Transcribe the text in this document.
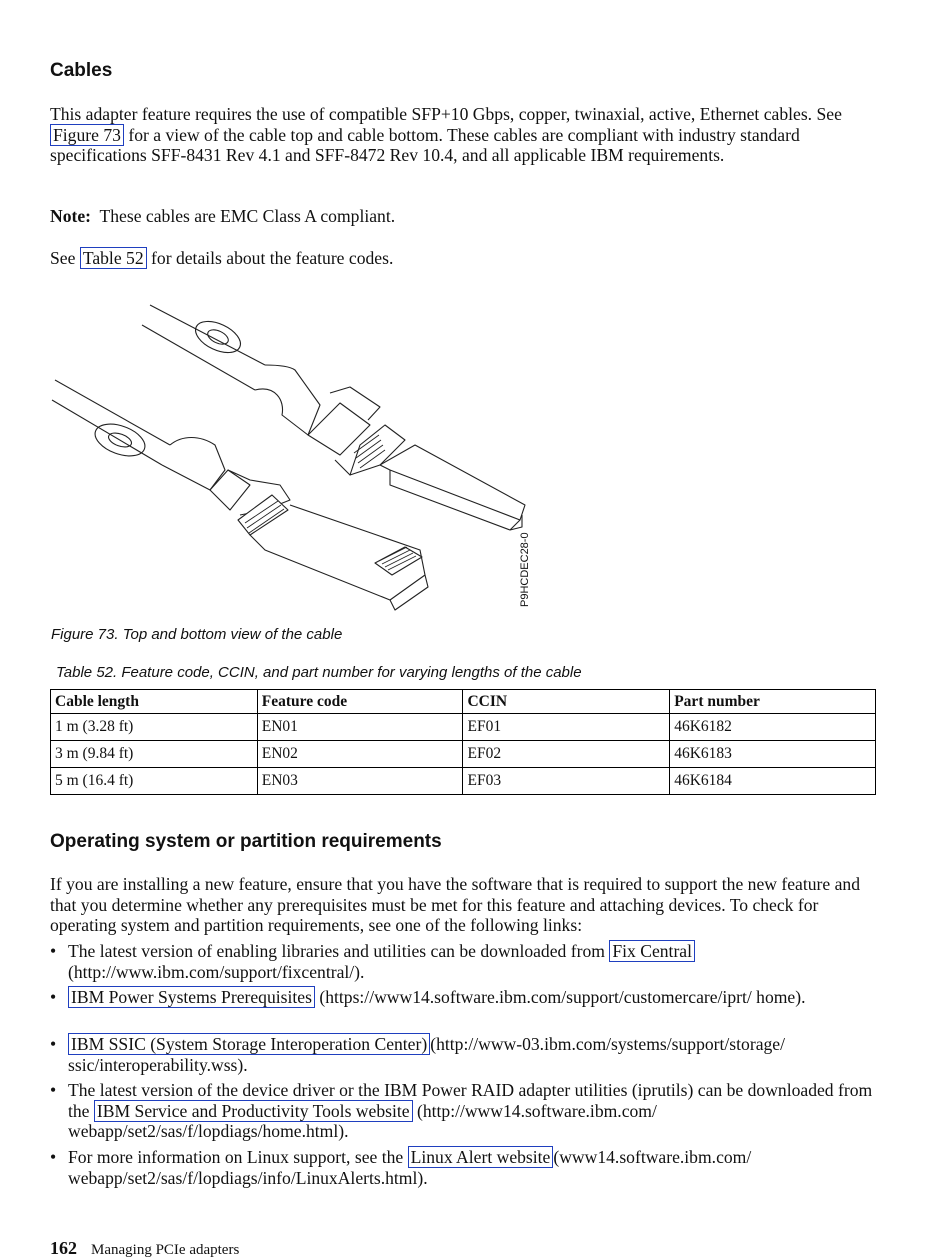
Cables
This adapter feature requires the use of compatible SFP+10 Gbps, copper, twinaxial, active, Ethernet cables. See Figure 73 for a view of the cable top and cable bottom. These cables are compliant with industry standard specifications SFF-8431 Rev 4.1 and SFF-8472 Rev 10.4, and all applicable IBM requirements.
Note:  These cables are EMC Class A compliant.
See Table 52 for details about the feature codes.
P9HCDEC28-0
Figure 73. Top and bottom view of the cable
Table 52. Feature code, CCIN, and part number for varying lengths of the cable
Cable length	Feature code	CCIN	Part number
1 m (3.28 ft)	EN01	EF01	46K6182
3 m (9.84 ft)	EN02	EF02	46K6183
5 m (16.4 ft)	EN03	EF03	46K6184
Operating system or partition requirements
If you are installing a new feature, ensure that you have the software that is required to support the new feature and that you determine whether any prerequisites must be met for this feature and attaching devices. To check for operating system and partition requirements, see one of the following links:
• The latest version of enabling libraries and utilities can be downloaded from Fix Central (http://www.ibm.com/support/fixcentral/).
• IBM Power Systems Prerequisites (https://www14.software.ibm.com/support/customercare/iprt/ home).
• IBM SSIC (System Storage Interoperation Center) (http://www-03.ibm.com/systems/support/storage/ ssic/interoperability.wss).
• The latest version of the device driver or the IBM Power RAID adapter utilities (iprutils) can be downloaded from the IBM Service and Productivity Tools website (http://www14.software.ibm.com/ webapp/set2/sas/f/lopdiags/home.html).
• For more information on Linux support, see the Linux Alert website (www14.software.ibm.com/ webapp/set2/sas/f/lopdiags/info/LinuxAlerts.html).
162 Managing PCIe adapters
